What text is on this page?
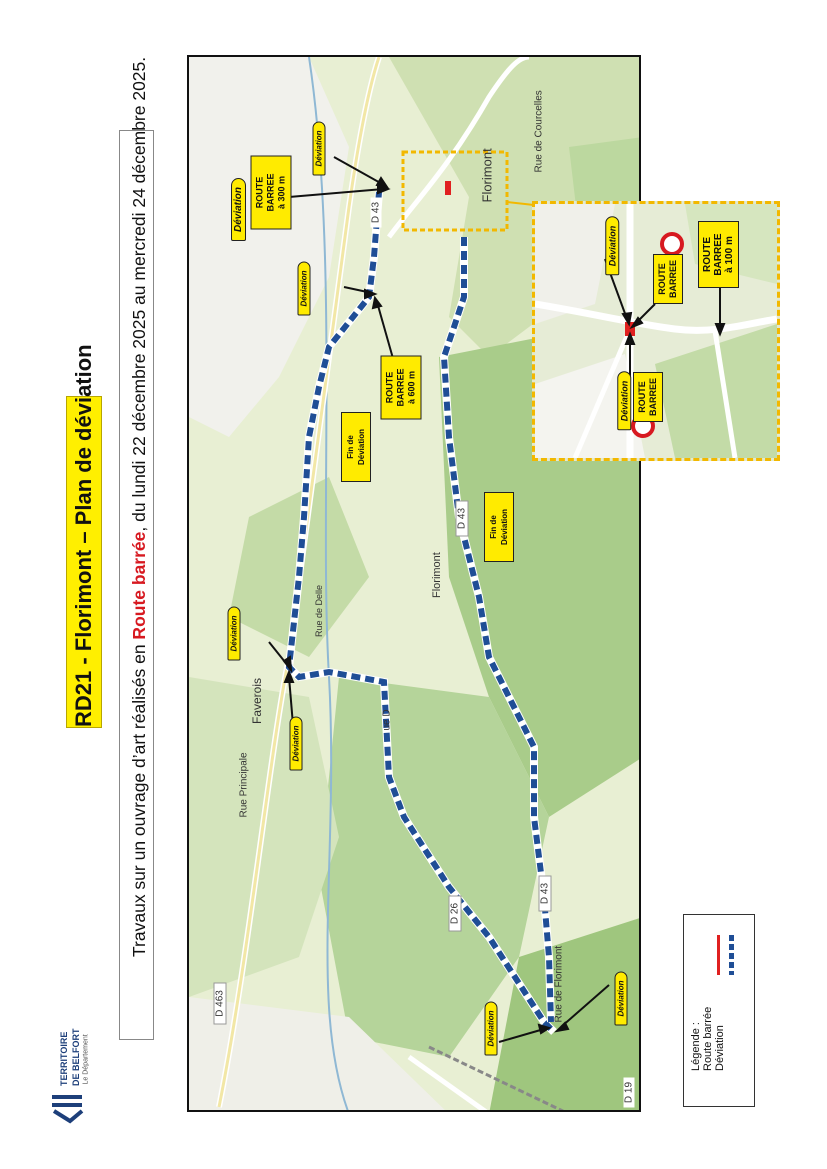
RD21 - Florimont – Plan de déviation
Travaux sur un ouvrage d’art réalisés en Route barrée, du lundi 22 décembre 2025 au mercredi 24 décembre 2025.
TERRITOIRE DE BELFORT Le Département
Florimont
Rue de Courcelles
Florimont
Faverois
Rue Principale
Rue de Florimont
Rue de Delle
D 463
D 43
D 43
D 43
D 26
D 19
ue D
Déviation
ROUTE
BARREE
à 300 m
Déviation
Déviation
ROUTE
BARREE
à 600 m
Fin de Déviation
Fin de Déviation
Déviation
Déviation
Déviation
Déviation
Déviation
Déviation
ROUTE
BARREE
ROUTE
BARREE
ROUTE
BARREE
à 100 m
Légende : Route barrée Déviation
